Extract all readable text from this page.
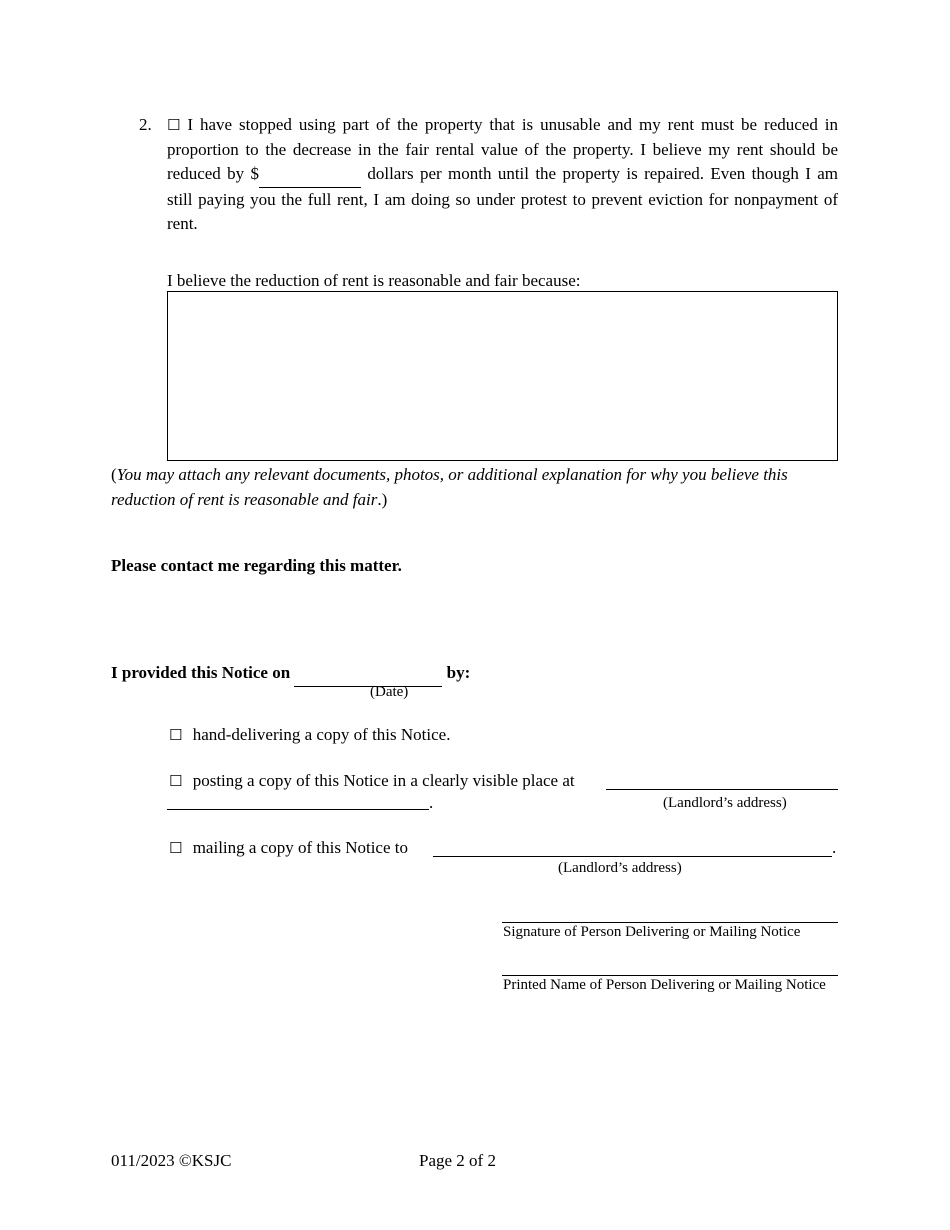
2. ☐ I have stopped using part of the property that is unusable and my rent must be reduced in proportion to the decrease in the fair rental value of the property. I believe my rent should be reduced by $	dollars per month until the property is repaired. Even though I am still paying you the full rent, I am doing so under protest to prevent eviction for nonpayment of rent.
I believe the reduction of rent is reasonable and fair because:
(You may attach any relevant documents, photos, or additional explanation for why you believe this reduction of rent is reasonable and fair.)
Please contact me regarding this matter.
I provided this Notice on	by:
(Date)
☐ hand-delivering a copy of this Notice.
☐ posting a copy of this Notice in a clearly visible place at
.	(Landlord’s address)
☐ mailing a copy of this Notice to	.
(Landlord’s address)
Signature of Person Delivering or Mailing Notice
Printed Name of Person Delivering or Mailing Notice
011/2023 ©KSJC	Page 2 of 2
